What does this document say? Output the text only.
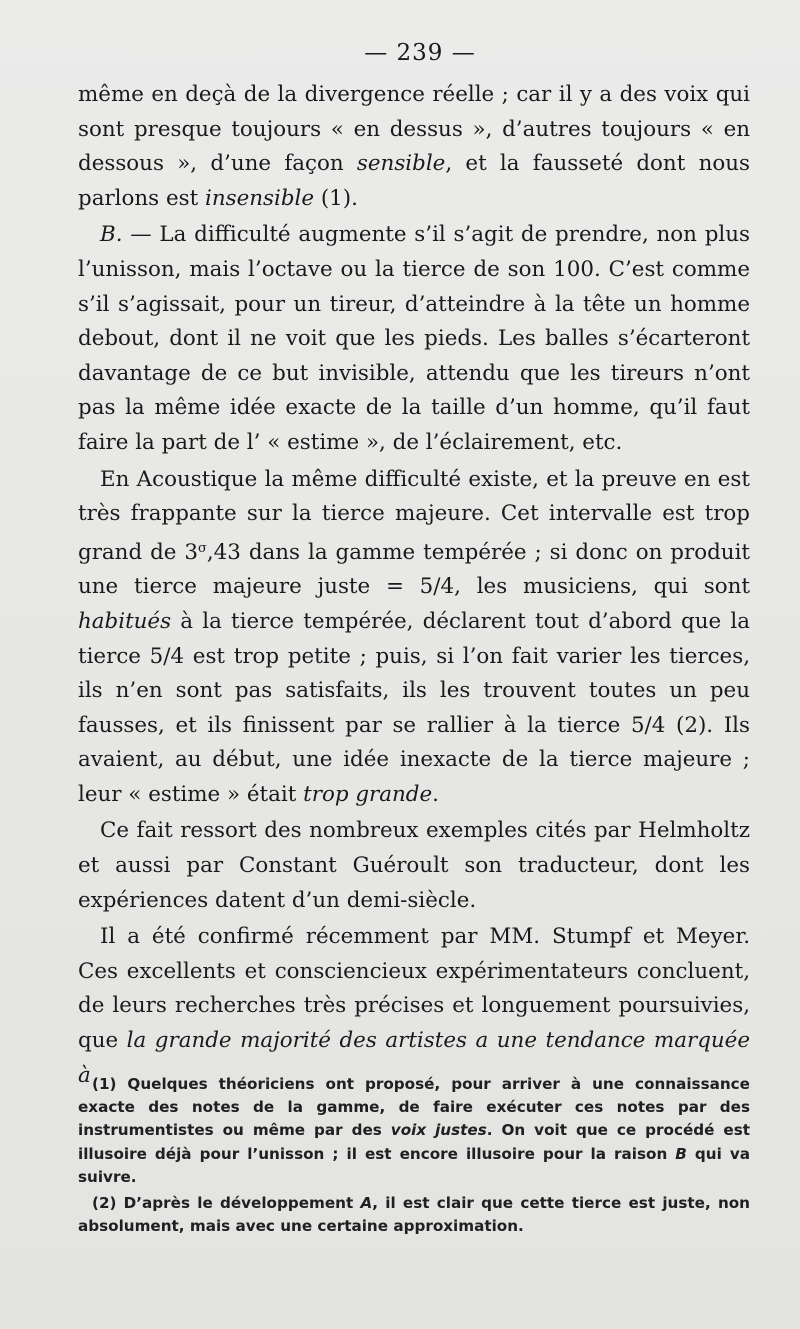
— 239 —

même en deçà de la divergence réelle ; car il y a des voix qui sont presque toujours « en dessus », d’autres toujours « en dessous », d’une façon sensible, et la fausseté dont nous parlons est insensible (1).

B. — La difficulté augmente s’il s’agit de prendre, non plus l’unisson, mais l’octave ou la tierce de son 100. C’est comme s’il s’agissait, pour un tireur, d’atteindre à la tête un homme debout, dont il ne voit que les pieds. Les balles s’écarteront davantage de ce but invisible, attendu que les tireurs n’ont pas la même idée exacte de la taille d’un homme, qu’il faut faire la part de l’ « estime », de l’éclairement, etc.

En Acoustique la même difficulté existe, et la preuve en est très frappante sur la tierce majeure. Cet intervalle est trop grand de $3^\sigma,43$ dans la gamme tempérée ; si donc on produit une tierce majeure juste = 5/4, les musiciens, qui sont habitués à la tierce tempérée, déclarent tout d’abord que la tierce 5/4 est trop petite ; puis, si l’on fait varier les tierces, ils n’en sont pas satisfaits, ils les trouvent toutes un peu fausses, et ils finissent par se rallier à la tierce 5/4 (2). Ils avaient, au début, une idée inexacte de la tierce majeure ; leur « estime » était trop grande.

Ce fait ressort des nombreux exemples cités par Helmholtz et aussi par Constant Guéroult son traducteur, dont les expériences datent d’un demi-siècle.

Il a été confirmé récemment par MM. Stumpf et Meyer. Ces excellents et consciencieux expérimentateurs concluent, de leurs recherches très précises et longuement poursuivies, que la grande majorité des artistes a une tendance marquée à (1) Quelques théoriciens ont proposé, pour arriver à une connaissance exacte des notes de la gamme, de faire exécuter ces notes par des instrumentistes ou même par des voix justes. On voit que ce procédé est illusoire déjà pour l’unisson ; il est encore illusoire pour la raison B qui va suivre.

(2) D’après le développement A, il est clair que cette tierce est juste, non absolument, mais avec une certaine approximation.
